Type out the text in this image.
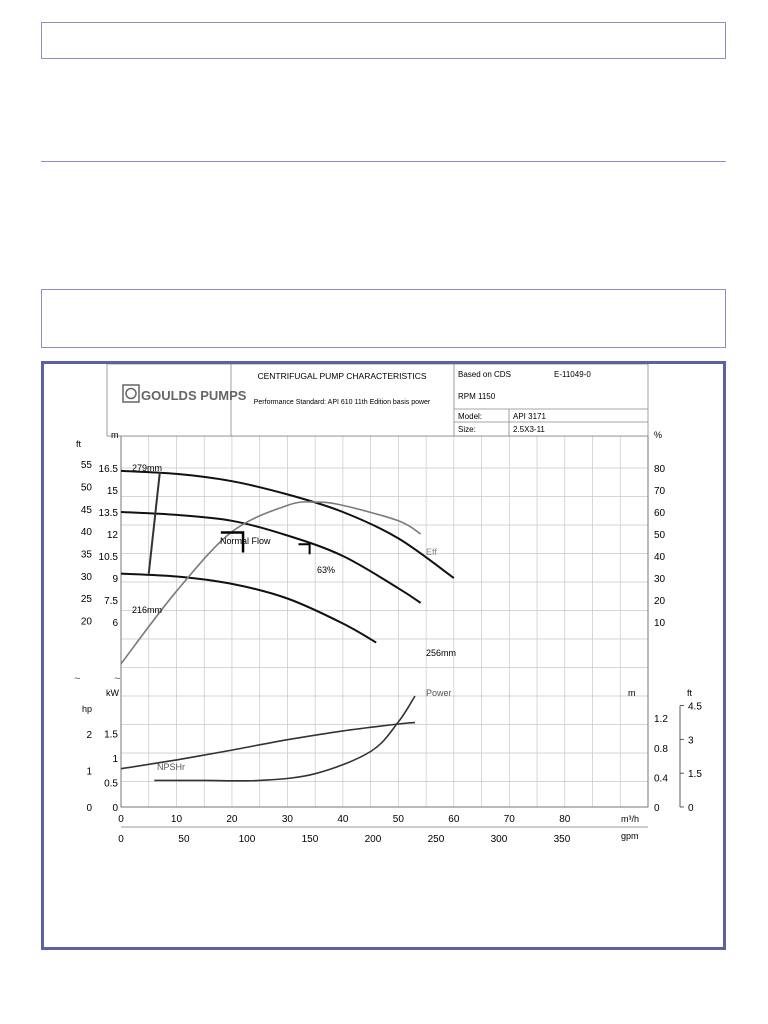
0	10	20	30	40	50	60	70	80
0	50	100	150	200	250	300	350
16.5
15
13.5
12
10.5
9
7.5
6
55
50
45
40
35
30
25
20
80
70
60
50
40
30
20
10
1.5
1
0.5
0
2
1
0
1.2
0.8
0.4
0
4.5
3
1.5
0
GOULDS PUMPS
CENTRIFUGAL PUMP CHARACTERISTICS
Performance Standard: API 610 11th Edition basis power
Based on CDS	E-11049-0
RPM 1150
Model:	API 3171
Size:	2.5X3-11
ft
m	%
kW
hp
m	ft
m³/h
gpm
~	~
279mm
216mm
256mm
Eff
Power
NPSHr
Normal Flow
63%
